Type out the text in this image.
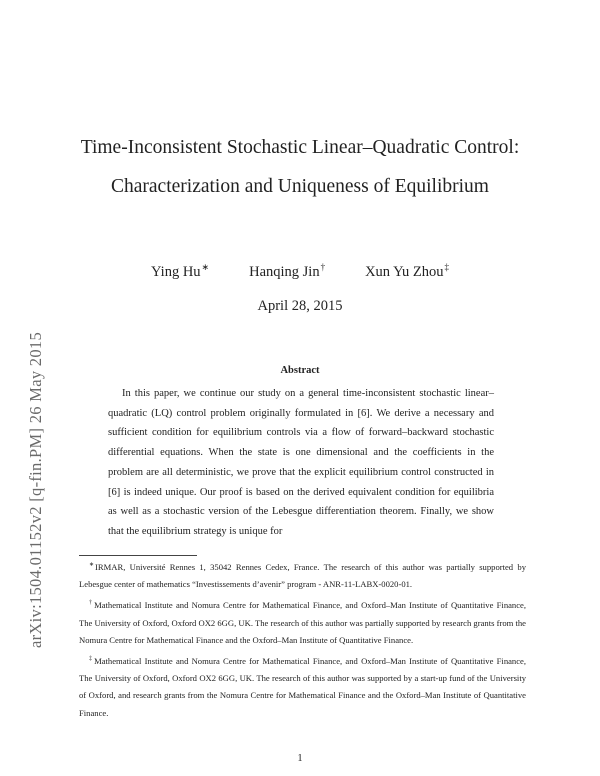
arXiv:1504.01152v2 [q-fin.PM] 26 May 2015
Time-Inconsistent Stochastic Linear–Quadratic Control: Characterization and Uniqueness of Equilibrium
Ying Hu∗	Hanqing Jin†	Xun Yu Zhou‡
April 28, 2015
Abstract

In this paper, we continue our study on a general time-inconsistent stochastic linear–quadratic (LQ) control problem originally formulated in [6]. We derive a necessary and sufficient condition for equilibrium controls via a flow of forward–backward stochastic differential equations. When the state is one dimensional and the coefficients in the problem are all deterministic, we prove that the explicit equilibrium control constructed in [6] is indeed unique. Our proof is based on the derived equivalent condition for equilibria as well as a stochastic version of the Lebesgue differentiation theorem. Finally, we show that the equilibrium strategy is unique for

∗IRMAR, Université Rennes 1, 35042 Rennes Cedex, France. The research of this author was partially supported by Lebesgue center of mathematics “Investissements d’avenir” program - ANR-11-LABX-0020-01.

†Mathematical Institute and Nomura Centre for Mathematical Finance, and Oxford–Man Institute of Quantitative Finance, The University of Oxford, Oxford OX2 6GG, UK. The research of this author was partially supported by research grants from the Nomura Centre for Mathematical Finance and the Oxford–Man Institute of Quantitative Finance.

‡Mathematical Institute and Nomura Centre for Mathematical Finance, and Oxford–Man Institute of Quantitative Finance, The University of Oxford, Oxford OX2 6GG, UK. The research of this author was supported by a start-up fund of the University of Oxford, and research grants from the Nomura Centre for Mathematical Finance and the Oxford–Man Institute of Quantitative Finance.

1
